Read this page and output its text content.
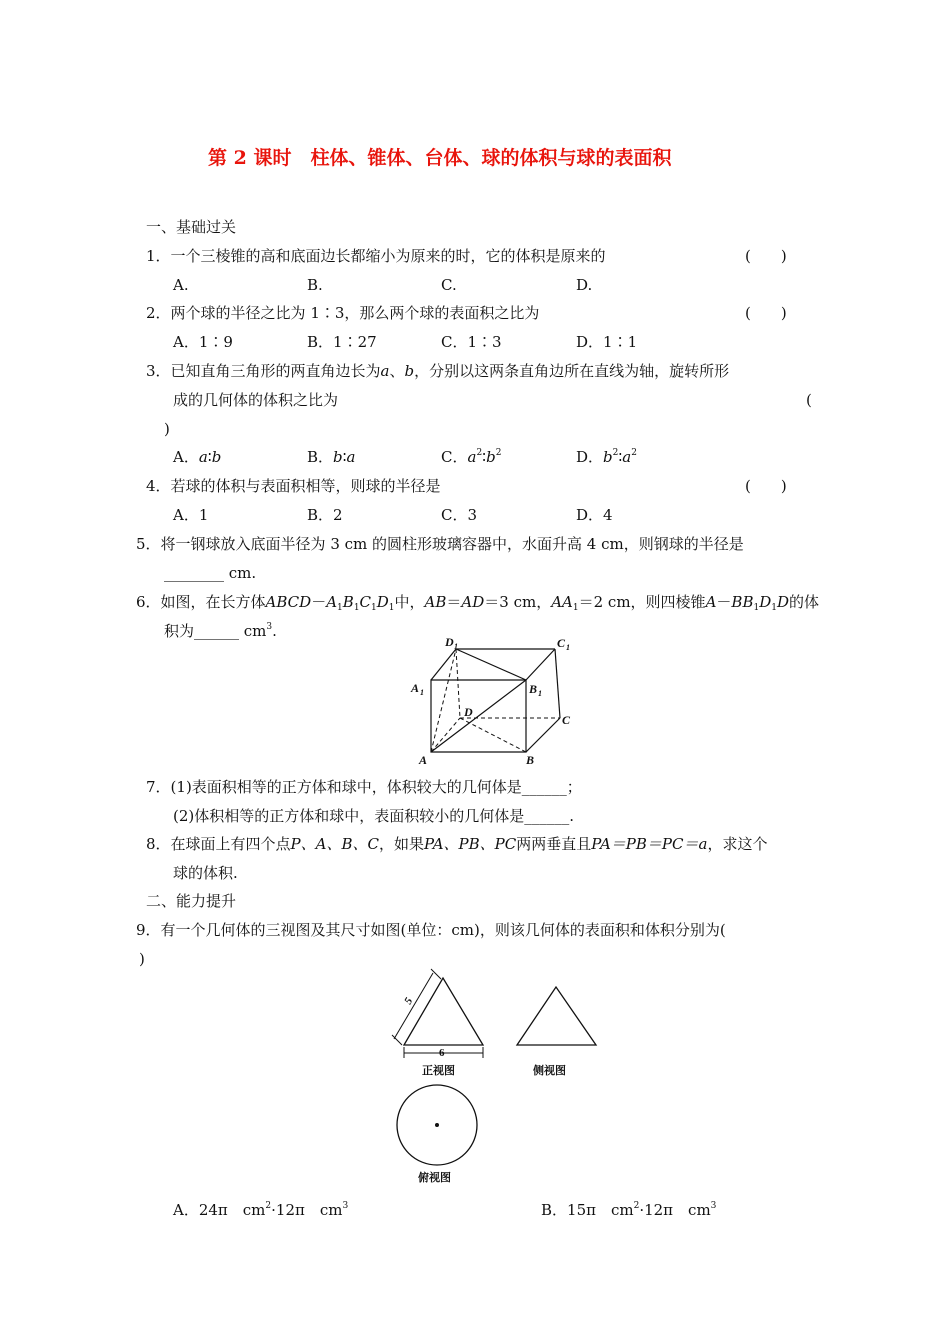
第 2 课时　柱体、锥体、台体、球的体积与球的表面积
一、基础过关
1．一个三棱锥的高和底面边长都缩小为原来的时，它的体积是原来的	(　　)
A.	B.	C.	D.
2．两个球的半径之比为 1∶3，那么两个球的表面积之比为	(　　)
A．1∶9	B．1∶27	C．1∶3	D．1∶1
3．已知直角三角形的两直角边长为a、b，分别以这两条直角边所在直线为轴，旋转所形
成的几何体的体积之比为	(
)
A．a∶b	B．b∶a	C．$a^2∶b^2$	D．$b^2∶a^2$
4．若球的体积与表面积相等，则球的半径是	(　　)
A．1	B．2	C．3	D．4
5．将一钢球放入底面半径为 3 cm 的圆柱形玻璃容器中，水面升高 4 cm，则钢球的半径是
________ cm.
6．如图，在长方体$ABCD-A_1B_1C_1D_1$中，AB＝AD＝3 cm，$AA_1=2$ cm，则四棱锥$A-BB_1D_1D$的体
积为______ $cm^3$.
D 1	C 1
A 1	B 1
D
C
A	B
7．(1)表面积相等的正方体和球中，体积较大的几何体是______；
(2)体积相等的正方体和球中，表面积较小的几何体是______.
8．在球面上有四个点P、A、B、C，如果PA、PB、PC两两垂直且PA＝PB＝PC＝a，求这个
球的体积.
二、能力提升
9．有一个几何体的三视图及其尺寸如图(单位：cm)，则该几何体的表面积和体积分别为(
)
5
6
正视图	侧视图
俯视图
A．24π　$cm^2\cdot 12\pi$　$cm^3$	B．15π　$cm^2\cdot 12\pi$　$cm^3$
